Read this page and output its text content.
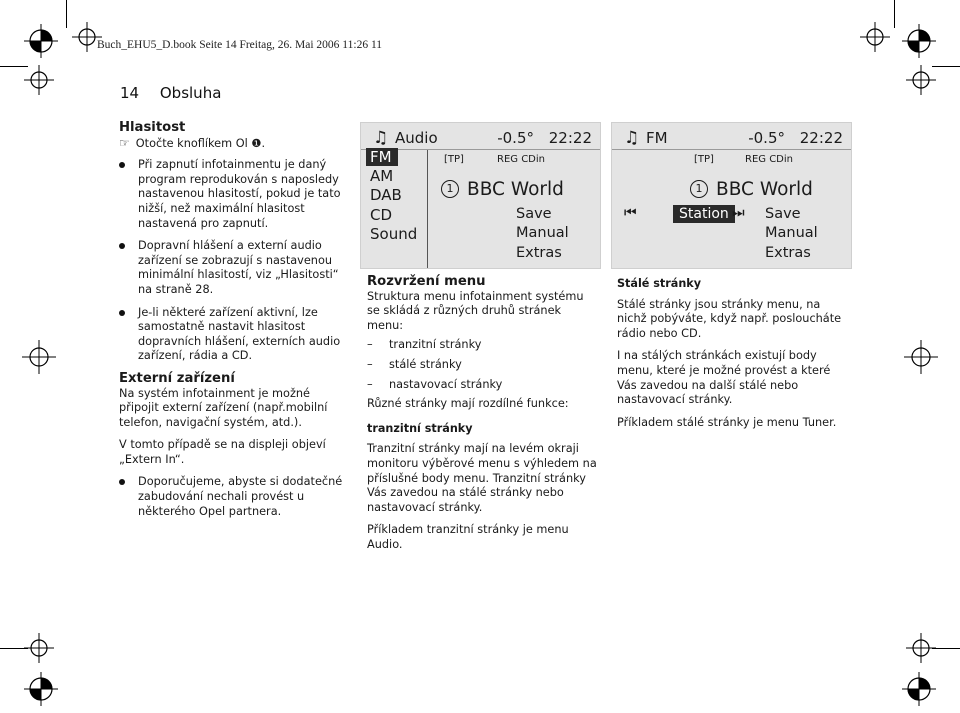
Buch_EHU5_D.book Seite 14 Freitag, 26. Mai 2006 11:26 11
14 Obsluha

Hlasitost

☞ Otočte knoflíkem Ol ❶.

Při zapnutí infotainmentu je daný program reprodukován s naposledy nastavenou hlasitostí, pokud je tato nižší, než maximální hlasitost nastavená pro zapnutí.

Dopravní hlášení a externí audio zařízení se zobrazují s nastavenou minimální hlasitostí, viz „Hlasitosti“ na straně 28.

Je-li některé zařízení aktivní, lze samostatně nastavit hlasitost dopravních hlášení, externích audio zařízení, rádia a CD.

Externí zařízení

Na systém infotainment je možné připojit externí zařízení (např.mobilní telefon, navigační systém, atd.).

V tomto případě se na displeji objeví „Extern In“.

Doporučujeme, abyste si dodatečné zabudování nechali provést u některého Opel partnera.

♫ Audio	-0.5° 22:22
FM
AM
DAB
CD
Sound
[TP]	REG CDin
1 BBC World
Save
Manual
Extras
♫ FM	-0.5° 22:22
[TP]	REG CDin
1 BBC World
⏮	Station ⏭ Save
Manual
Extras

Rozvržení menu

Struktura menu infotainment systému se skládá z různých druhů stránek menu:

– tranzitní stránky

– stálé stránky

– nastavovací stránky

Různé stránky mají rozdílné funkce:

tranzitní stránky

Tranzitní stránky mají na levém okraji monitoru výběrové menu s výhledem na příslušné body menu. Tranzitní stránky Vás zavedou na stálé stránky nebo nastavovací stránky.

Příkladem tranzitní stránky je menu Audio.

Stálé stránky

Stálé stránky jsou stránky menu, na nichž pobýváte, když např. posloucháte rádio nebo CD.

I na stálých stránkách existují body menu, které je možné provést a které Vás zavedou na další stálé nebo nastavovací stránky.

Příkladem stálé stránky je menu Tuner.
